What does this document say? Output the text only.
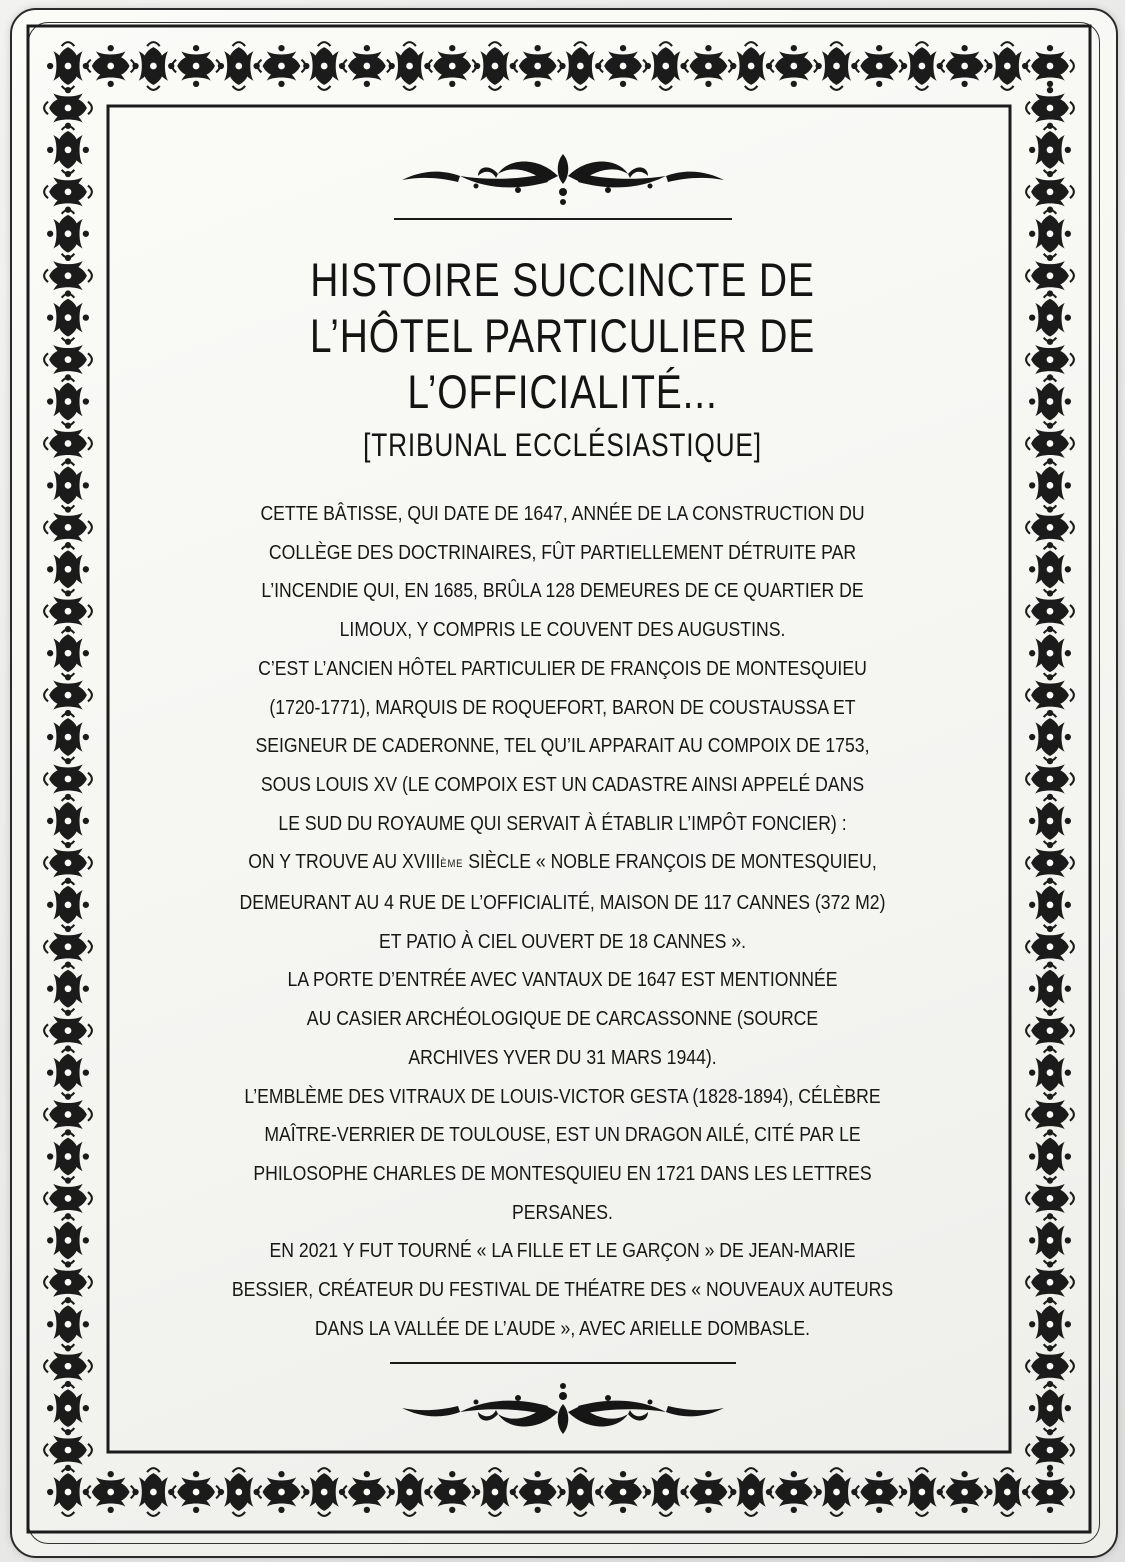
HISTOIRE SUCCINCTE DE
L’HÔTEL PARTICULIER DE
L’OFFICIALITÉ...
[TRIBUNAL ECCLÉSIASTIQUE]
CETTE BÂTISSE, QUI DATE DE 1647, ANNÉE DE LA CONSTRUCTION DU
COLLÈGE DES DOCTRINAIRES, FÛT PARTIELLEMENT DÉTRUITE PAR
L’INCENDIE QUI, EN 1685, BRÛLA 128 DEMEURES DE CE QUARTIER DE
LIMOUX, Y COMPRIS LE COUVENT DES AUGUSTINS.
C’EST L’ANCIEN HÔTEL PARTICULIER DE FRANÇOIS DE MONTESQUIEU
(1720-1771), MARQUIS DE ROQUEFORT, BARON DE COUSTAUSSA ET
SEIGNEUR DE CADERONNE, TEL QU’IL APPARAIT AU COMPOIX DE 1753,
SOUS LOUIS XV (LE COMPOIX EST UN CADASTRE AINSI APPELÉ DANS
LE SUD DU ROYAUME QUI SERVAIT À ÉTABLIR L’IMPÔT FONCIER) :
ON Y TROUVE AU XVIIIÈME SIÈCLE « NOBLE FRANÇOIS DE MONTESQUIEU,
DEMEURANT AU 4 RUE DE L’OFFICIALITÉ, MAISON DE 117 CANNES (372 M2)
ET PATIO À CIEL OUVERT DE 18 CANNES ».
LA PORTE D’ENTRÉE AVEC VANTAUX DE 1647 EST MENTIONNÉE
AU CASIER ARCHÉOLOGIQUE DE CARCASSONNE (SOURCE
ARCHIVES YVER DU 31 MARS 1944).
L’EMBLÈME DES VITRAUX DE LOUIS-VICTOR GESTA (1828-1894), CÉLÈBRE
MAÎTRE-VERRIER DE TOULOUSE, EST UN DRAGON AILÉ, CITÉ PAR LE
PHILOSOPHE CHARLES DE MONTESQUIEU EN 1721 DANS LES LETTRES
PERSANES.
EN 2021 Y FUT TOURNÉ « LA FILLE ET LE GARÇON » DE JEAN-MARIE
BESSIER, CRÉATEUR DU FESTIVAL DE THÉATRE DES « NOUVEAUX AUTEURS
DANS LA VALLÉE DE L’AUDE », AVEC ARIELLE DOMBASLE.
